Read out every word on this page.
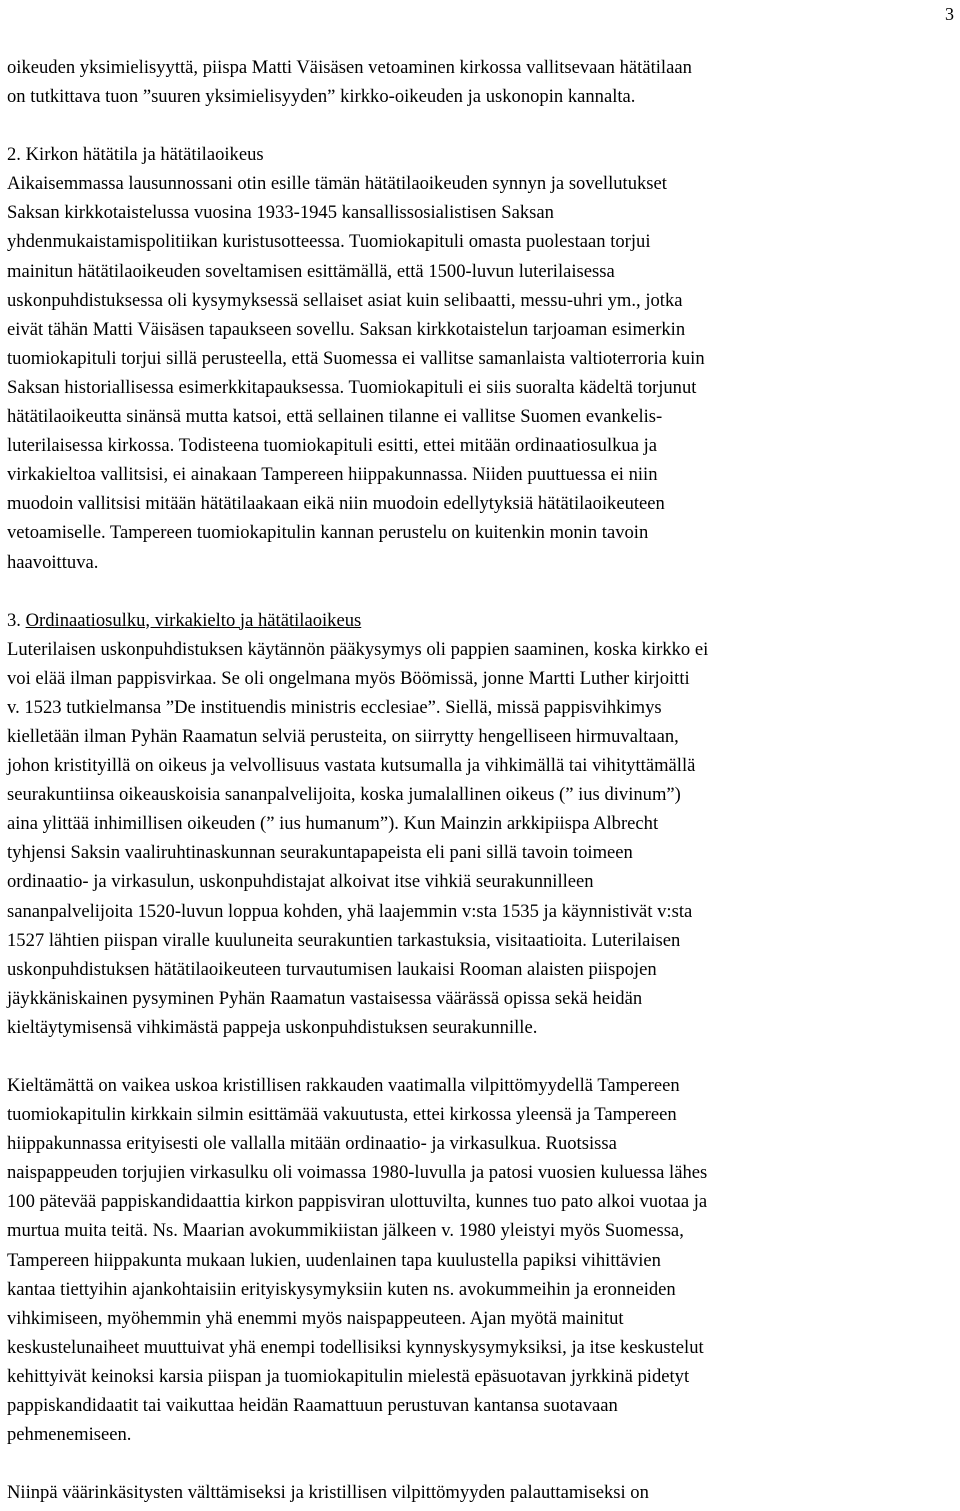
3

oikeuden yksimielisyyttä, piispa Matti Väisäsen vetoaminen kirkossa vallitsevaan hätätilaan
on tutkittava tuon ”suuren yksimielisyyden” kirkko-oikeuden ja uskonopin kannalta.

2. Kirkon hätätila ja hätätilaoikeus
Aikaisemmassa lausunnossani otin esille tämän hätätilaoikeuden synnyn ja sovellutukset
Saksan kirkkotaistelussa vuosina 1933-1945 kansallissosialistisen Saksan
yhdenmukaistamispolitiikan kuristusotteessa. Tuomiokapituli omasta puolestaan torjui
mainitun hätätilaoikeuden soveltamisen esittämällä, että 1500-luvun luterilaisessa
uskonpuhdistuksessa oli kysymyksessä sellaiset asiat kuin selibaatti, messu-uhri ym., jotka
eivät tähän Matti Väisäsen tapaukseen sovellu. Saksan kirkkotaistelun tarjoaman esimerkin
tuomiokapituli torjui sillä perusteella, että Suomessa ei vallitse samanlaista valtioterroria kuin
Saksan historiallisessa esimerkkitapauksessa. Tuomiokapituli ei siis suoralta kädeltä torjunut
hätätilaoikeutta sinänsä mutta katsoi, että sellainen tilanne ei vallitse Suomen evankelis-
luterilaisessa kirkossa. Todisteena tuomiokapituli esitti, ettei mitään ordinaatiosulkua ja
virkakieltoa vallitsisi, ei ainakaan Tampereen hiippakunnassa. Niiden puuttuessa ei niin
muodoin vallitsisi mitään hätätilaakaan eikä niin muodoin edellytyksiä hätätilaoikeuteen
vetoamiselle. Tampereen tuomiokapitulin kannan perustelu on kuitenkin monin tavoin
haavoittuva.

3. Ordinaatiosulku, virkakielto ja hätätilaoikeus
Luterilaisen uskonpuhdistuksen käytännön pääkysymys oli pappien saaminen, koska kirkko ei
voi elää ilman pappisvirkaa. Se oli ongelmana myös Böömissä, jonne Martti Luther kirjoitti
v. 1523 tutkielmansa ”De instituendis ministris ecclesiae”. Siellä, missä pappisvihkimys
kielletään ilman Pyhän Raamatun selviä perusteita, on siirrytty hengelliseen hirmuvaltaan,
johon kristityillä on oikeus ja velvollisuus vastata kutsumalla ja vihkimällä tai vihityttämällä
seurakuntiinsa oikeauskoisia sananpalvelijoita, koska jumalallinen oikeus (” ius divinum”)
aina ylittää inhimillisen oikeuden (” ius humanum”). Kun Mainzin arkkipiispa Albrecht
tyhjensi Saksin vaaliruhtinaskunnan seurakuntapapeista eli pani sillä tavoin toimeen
ordinaatio- ja virkasulun, uskonpuhdistajat alkoivat itse vihkiä seurakunnilleen
sananpalvelijoita 1520-luvun loppua kohden, yhä laajemmin v:sta 1535 ja käynnistivät v:sta
1527 lähtien piispan viralle kuuluneita seurakuntien tarkastuksia, visitaatioita. Luterilaisen
uskonpuhdistuksen hätätilaoikeuteen turvautumisen laukaisi Rooman alaisten piispojen
jäykkäniskainen pysyminen Pyhän Raamatun vastaisessa väärässä opissa sekä heidän
kieltäytymisensä vihkimästä pappeja uskonpuhdistuksen seurakunnille.

Kieltämättä on vaikea uskoa kristillisen rakkauden vaatimalla vilpittömyydellä Tampereen
tuomiokapitulin kirkkain silmin esittämää vakuutusta, ettei kirkossa yleensä ja Tampereen
hiippakunnassa erityisesti ole vallalla mitään ordinaatio- ja virkasulkua. Ruotsissa
naispappeuden torjujien virkasulku oli voimassa 1980-luvulla ja patosi vuosien kuluessa lähes
100 pätevää pappiskandidaattia kirkon pappisviran ulottuvilta, kunnes tuo pato alkoi vuotaa ja
murtua muita teitä. Ns. Maarian avokummikiistan jälkeen v. 1980 yleistyi myös Suomessa,
Tampereen hiippakunta mukaan lukien, uudenlainen tapa kuulustella papiksi vihittävien
kantaa tiettyihin ajankohtaisiin erityiskysymyksiin kuten ns. avokummeihin ja eronneiden
vihkimiseen, myöhemmin yhä enemmi myös naispappeuteen. Ajan myötä mainitut
keskustelunaiheet muuttuivat yhä enempi todellisiksi kynnyskysymyksiksi, ja itse keskustelut
kehittyivät keinoksi karsia piispan ja tuomiokapitulin mielestä epäsuotavan jyrkkinä pidetyt
pappiskandidaatit tai vaikuttaa heidän Raamattuun perustuvan kantansa suotavaan
pehmenemiseen.

Niinpä väärinkäsitysten välttämiseksi ja kristillisen vilpittömyyden palauttamiseksi on
